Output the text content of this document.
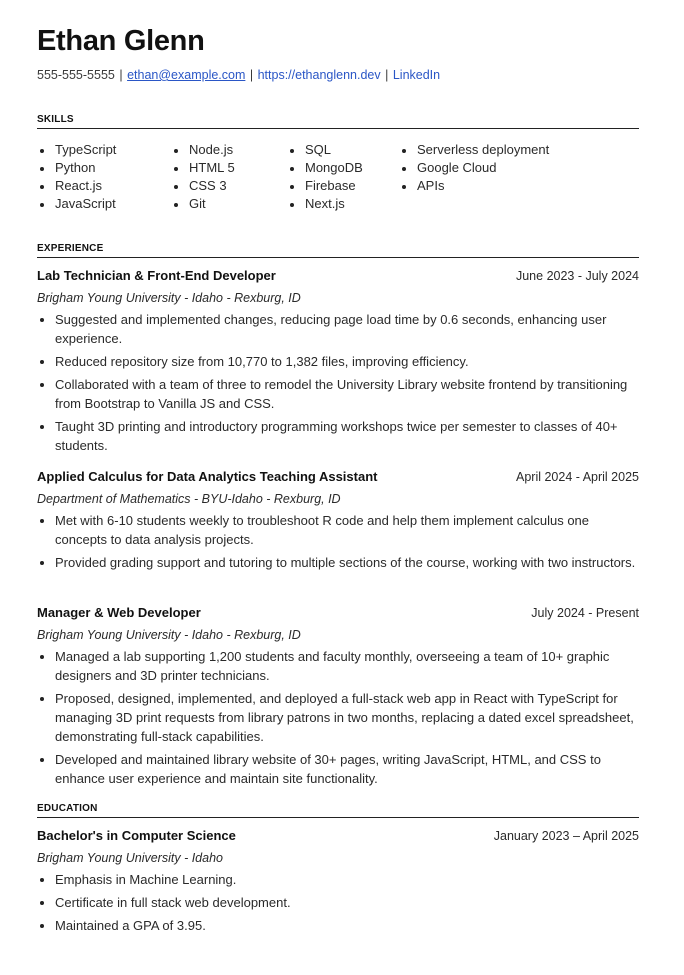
Ethan Glenn
555-555-5555 | ethan@example.com | https://ethanglenn.dev | LinkedIn
SKILLS
TypeScript
Python
React.js
JavaScript
Node.js
HTML 5
CSS 3
Git
SQL
MongoDB
Firebase
Next.js
Serverless deployment
Google Cloud
APIs
EXPERIENCE
Lab Technician & Front-End Developer	June 2023 - July 2024
Brigham Young University - Idaho - Rexburg, ID
Suggested and implemented changes, reducing page load time by 0.6 seconds, enhancing user experience.
Reduced repository size from 10,770 to 1,382 files, improving efficiency.
Collaborated with a team of three to remodel the University Library website frontend by transitioning from Bootstrap to Vanilla JS and CSS.
Taught 3D printing and introductory programming workshops twice per semester to classes of 40+ students.
Applied Calculus for Data Analytics Teaching Assistant	April 2024 - April 2025
Department of Mathematics - BYU-Idaho - Rexburg, ID
Met with 6-10 students weekly to troubleshoot R code and help them implement calculus one concepts to data analysis projects.
Provided grading support and tutoring to multiple sections of the course, working with two instructors.
Manager & Web Developer	July 2024 - Present
Brigham Young University - Idaho - Rexburg, ID
Managed a lab supporting 1,200 students and faculty monthly, overseeing a team of 10+ graphic designers and 3D printer technicians.
Proposed, designed, implemented, and deployed a full-stack web app in React with TypeScript for managing 3D print requests from library patrons in two months, replacing a dated excel spreadsheet, demonstrating full-stack capabilities.
Developed and maintained library website of 30+ pages, writing JavaScript, HTML, and CSS to enhance user experience and maintain site functionality.
EDUCATION
Bachelor's in Computer Science	January 2023 – April 2025
Brigham Young University - Idaho
Emphasis in Machine Learning.
Certificate in full stack web development.
Maintained a GPA of 3.95.
